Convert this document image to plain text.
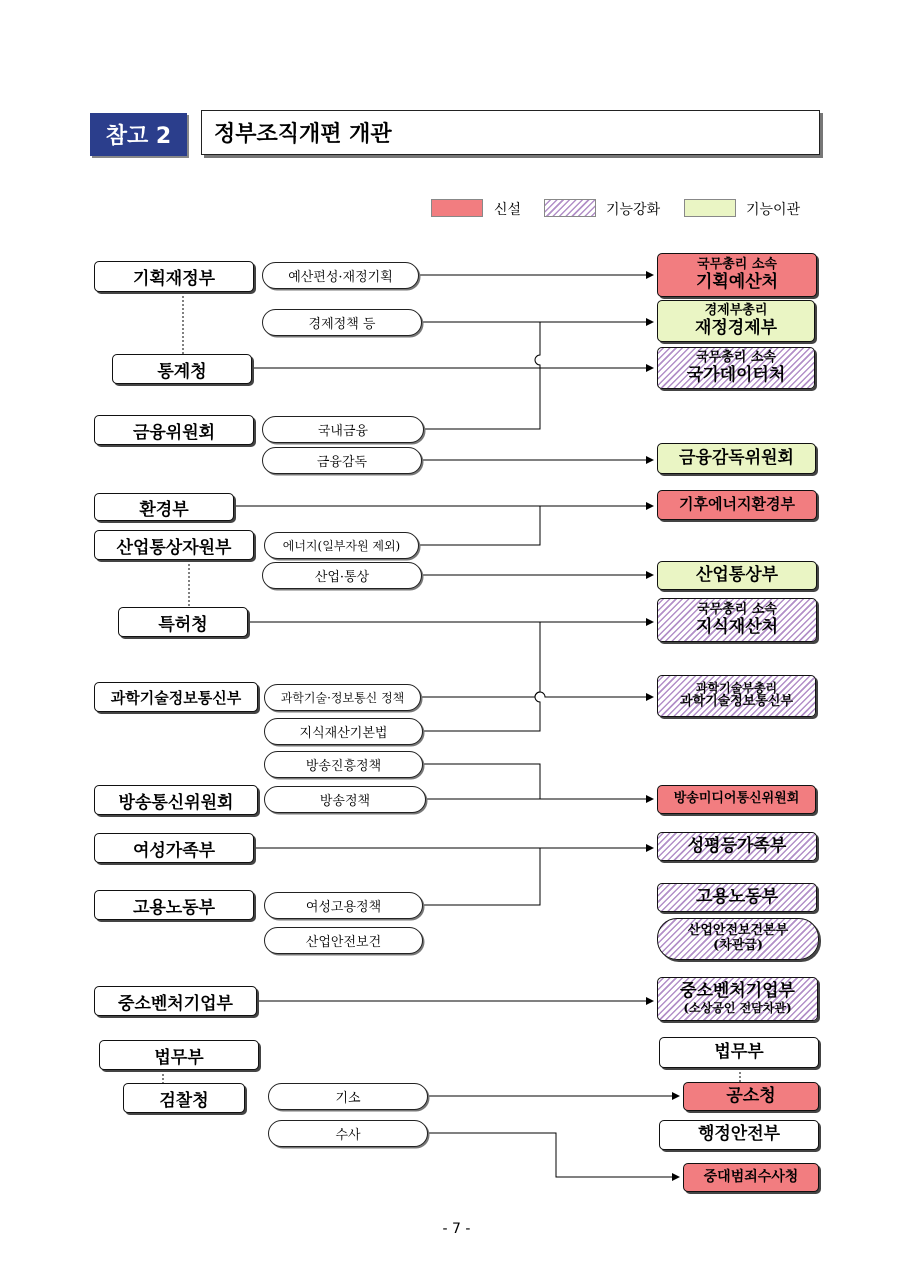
참고 2	정부조직개편 개관
신설	기능강화	기능이관
기획재정부
통계청
금융위원회
환경부
산업통상자원부
특허청
과학기술정보통신부
방송통신위원회
여성가족부
고용노동부
중소벤처기업부
법무부
검찰청
예산편성·재정기획
경제정책 등
국내금융
금융감독
에너지(일부자원 제외)
산업·통상
과학기술·정보통신 정책
지식재산기본법
방송진흥정책
방송정책
여성고용정책
산업안전보건
기소
수사
국무총리 소속
기획예산처
경제부총리
재정경제부
국무총리 소속
국가데이터처
금융감독위원회
기후에너지환경부
산업통상부
국무총리 소속
지식재산처
과학기술부총리
과학기술정보통신부
방송미디어통신위원회
성평등가족부
고용노동부
산업안전보건본부
(차관급)
중소벤처기업부
(소상공인 전담차관)
법무부
공소청
행정안전부
중대범죄수사청
- 7 -
